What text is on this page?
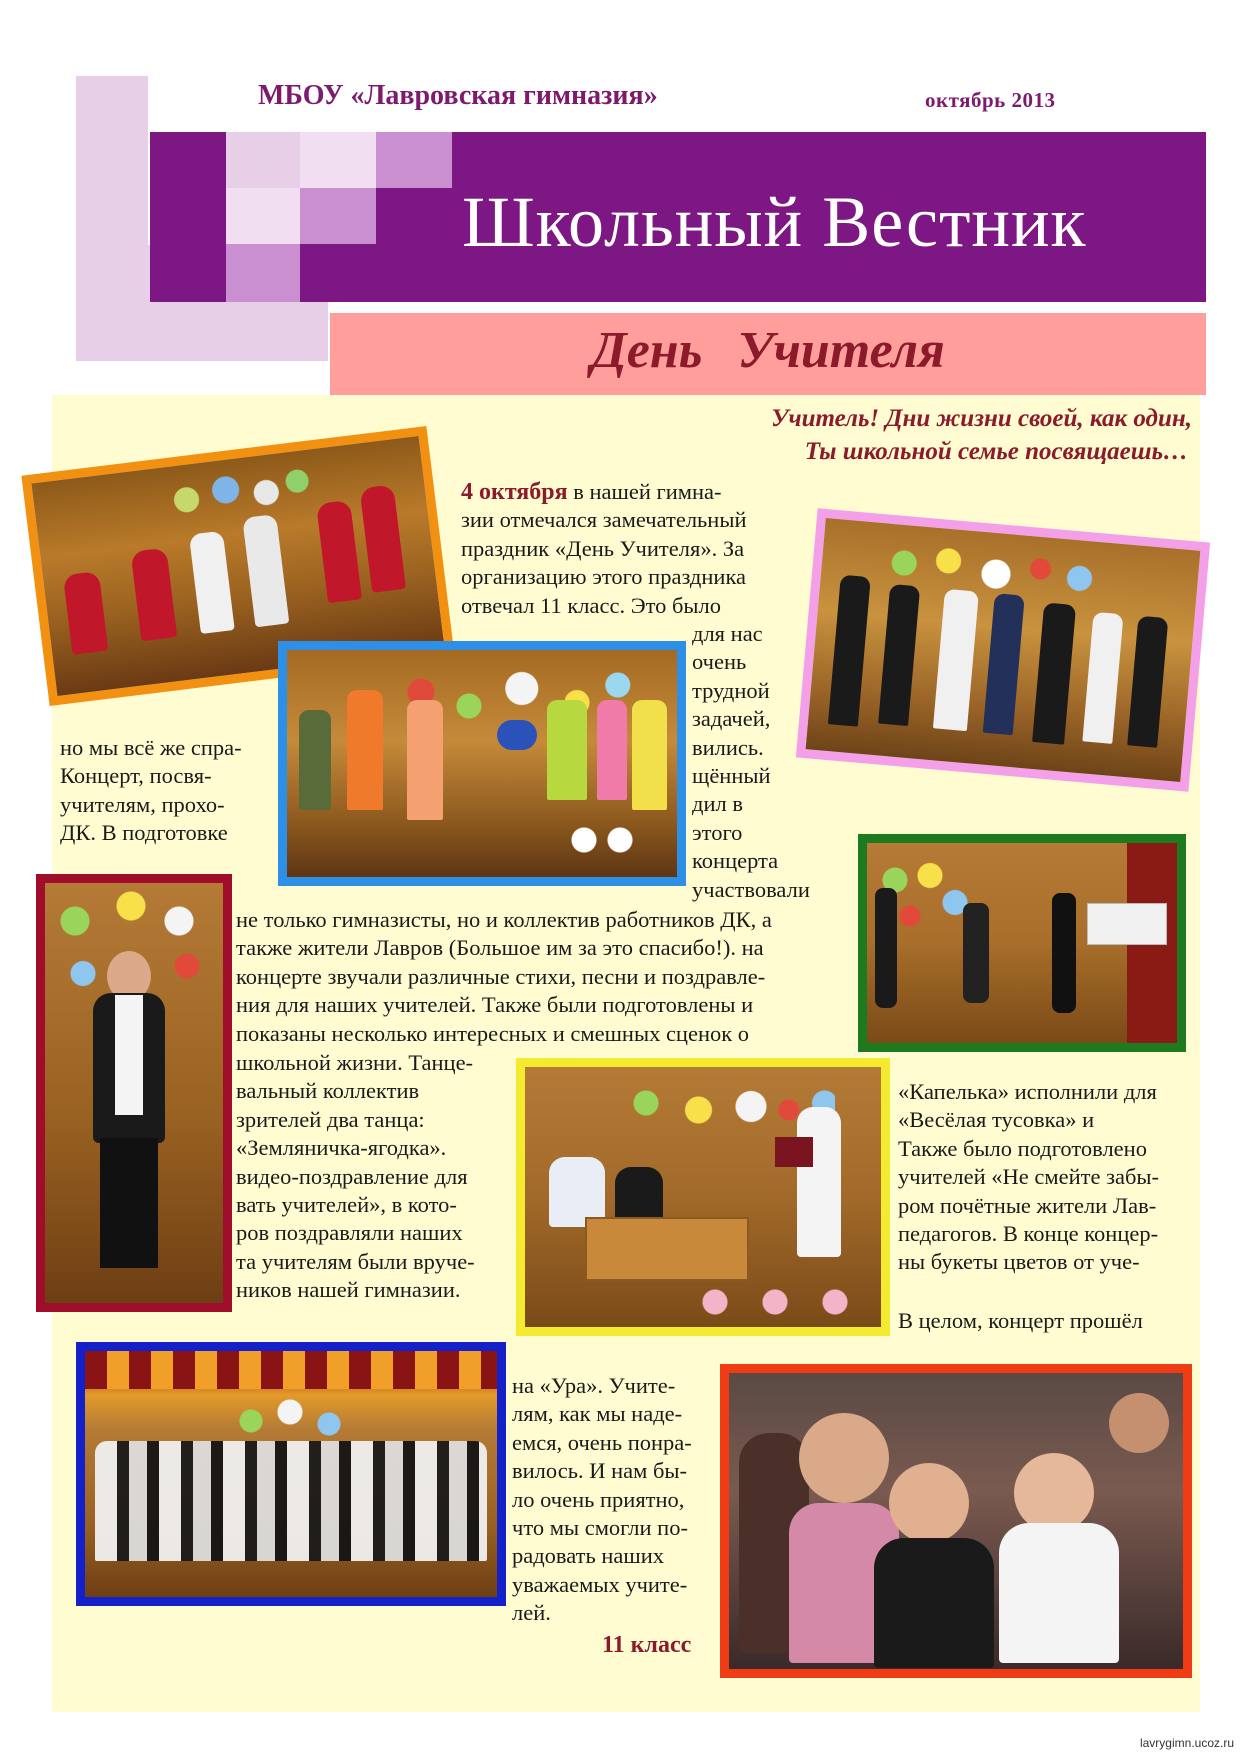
МБОУ «Лавровская гимназия»	октябрь 2013
Школьный Вестник
День Учителя
Учитель! Дни жизни своей, как один,
Ты школьной семье посвящаешь…
4 октября в нашей гимна-
зии отмечался замечательный
праздник «День Учителя». За
организацию этого праздника
отвечал 11 класс. Это было
для нас
очень
трудной
задачей,
вились.
щённый
дил в
этого
концерта
участвовали
но мы всё же спра-
Концерт, посвя-
учителям, прохо-
ДК. В подготовке
не только гимназисты, но и коллектив работников ДК, а
также жители Лавров (Большое им за это спасибо!). на
концерте звучали различные стихи, песни и поздравле-
ния для наших учителей. Также были подготовлены и
показаны несколько интересных и смешных сценок о
школьной жизни. Танце-
вальный коллектив
зрителей два танца:
«Земляничка-ягодка».
видео-поздравление для
вать учителей», в кото-
ров поздравляли наших
та учителям были вруче-
ников нашей гимназии.
«Капелька» исполнили для
«Весёлая тусовка» и
Также было подготовлено
учителей «Не смейте забы-
ром почётные жители Лав-
педагогов. В конце концер-
ны букеты цветов от уче-
В целом, концерт прошёл
на «Ура». Учите-
лям, как мы наде-
емся, очень понра-
вилось. И нам бы-
ло очень приятно,
что мы смогли по-
радовать наших
уважаемых учите-
лей.
11 класс
lavrygimn.ucoz.ru
